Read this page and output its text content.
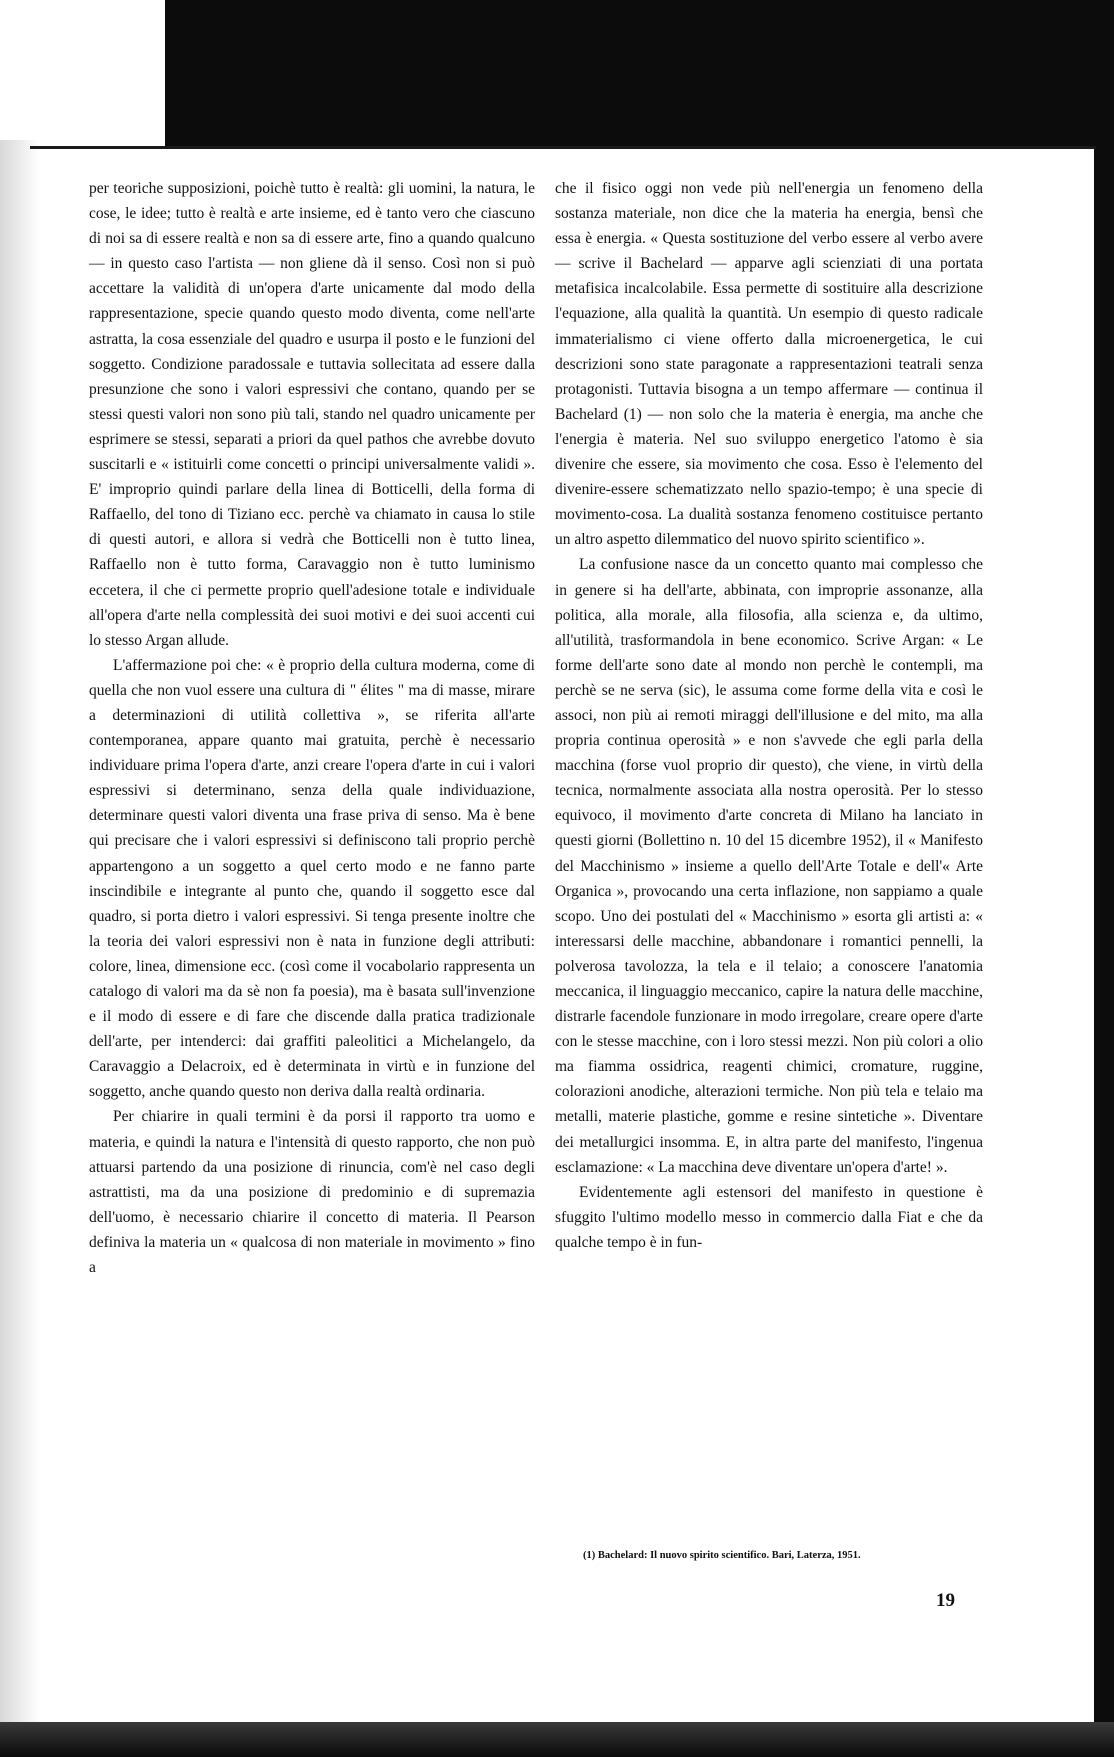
per teoriche supposizioni, poichè tutto è realtà: gli uomini, la natura, le cose, le idee; tutto è realtà e arte insieme, ed è tanto vero che ciascuno di noi sa di essere realtà e non sa di essere arte, fino a quando qualcuno — in questo caso l'artista — non gliene dà il senso. Così non si può accettare la validità di un'opera d'arte unicamente dal modo della rappresentazione, specie quando questo modo diventa, come nell'arte astratta, la cosa essenziale del quadro e usurpa il posto e le funzioni del soggetto. Condizione paradossale e tuttavia sollecitata ad essere dalla presunzione che sono i valori espressivi che contano, quando per se stessi questi valori non sono più tali, stando nel quadro unicamente per esprimere se stessi, separati a priori da quel pathos che avrebbe dovuto suscitarli e « istituirli come concetti o principi universalmente validi ». E' improprio quindi parlare della linea di Botticelli, della forma di Raffaello, del tono di Tiziano ecc. perchè va chiamato in causa lo stile di questi autori, e allora si vedrà che Botticelli non è tutto linea, Raffaello non è tutto forma, Caravaggio non è tutto luminismo eccetera, il che ci permette proprio quell'adesione totale e individuale all'opera d'arte nella complessità dei suoi motivi e dei suoi accenti cui lo stesso Argan allude.

L'affermazione poi che: « è proprio della cultura moderna, come di quella che non vuol essere una cultura di " élites " ma di masse, mirare a determinazioni di utilità collettiva », se riferita all'arte contemporanea, appare quanto mai gratuita, perchè è necessario individuare prima l'opera d'arte, anzi creare l'opera d'arte in cui i valori espressivi si determinano, senza della quale individuazione, determinare questi valori diventa una frase priva di senso. Ma è bene qui precisare che i valori espressivi si definiscono tali proprio perchè appartengono a un soggetto a quel certo modo e ne fanno parte inscindibile e integrante al punto che, quando il soggetto esce dal quadro, si porta dietro i valori espressivi. Si tenga presente inoltre che la teoria dei valori espressivi non è nata in funzione degli attributi: colore, linea, dimensione ecc. (così come il vocabolario rappresenta un catalogo di valori ma da sè non fa poesia), ma è basata sull'invenzione e il modo di essere e di fare che discende dalla pratica tradizionale dell'arte, per intenderci: dai graffiti paleolitici a Michelangelo, da Caravaggio a Delacroix, ed è determinata in virtù e in funzione del soggetto, anche quando questo non deriva dalla realtà ordinaria.

Per chiarire in quali termini è da porsi il rapporto tra uomo e materia, e quindi la natura e l'intensità di questo rapporto, che non può attuarsi partendo da una posizione di rinuncia, com'è nel caso degli astrattisti, ma da una posizione di predominio e di supremazia dell'uomo, è necessario chiarire il concetto di materia. Il Pearson definiva la materia un « qualcosa di non materiale in movimento » fino a

che il fisico oggi non vede più nell'energia un fenomeno della sostanza materiale, non dice che la materia ha energia, bensì che essa è energia. « Questa sostituzione del verbo essere al verbo avere — scrive il Bachelard — apparve agli scienziati di una portata metafisica incalcolabile. Essa permette di sostituire alla descrizione l'equazione, alla qualità la quantità. Un esempio di questo radicale immaterialismo ci viene offerto dalla microenergetica, le cui descrizioni sono state paragonate a rappresentazioni teatrali senza protagonisti. Tuttavia bisogna a un tempo affermare — continua il Bachelard (1) — non solo che la materia è energia, ma anche che l'energia è materia. Nel suo sviluppo energetico l'atomo è sia divenire che essere, sia movimento che cosa. Esso è l'elemento del divenire-essere schematizzato nello spazio-tempo; è una specie di movimento-cosa. La dualità sostanza fenomeno costituisce pertanto un altro aspetto dilemmatico del nuovo spirito scientifico ».

La confusione nasce da un concetto quanto mai complesso che in genere si ha dell'arte, abbinata, con improprie assonanze, alla politica, alla morale, alla filosofia, alla scienza e, da ultimo, all'utilità, trasformandola in bene economico. Scrive Argan: « Le forme dell'arte sono date al mondo non perchè le contempli, ma perchè se ne serva (sic), le assuma come forme della vita e così le associ, non più ai remoti miraggi dell'illusione e del mito, ma alla propria continua operosità » e non s'avvede che egli parla della macchina (forse vuol proprio dir questo), che viene, in virtù della tecnica, normalmente associata alla nostra operosità. Per lo stesso equivoco, il movimento d'arte concreta di Milano ha lanciato in questi giorni (Bollettino n. 10 del 15 dicembre 1952), il « Manifesto del Macchinismo » insieme a quello dell'Arte Totale e dell'« Arte Organica », provocando una certa inflazione, non sappiamo a quale scopo. Uno dei postulati del « Macchinismo » esorta gli artisti a: « interessarsi delle macchine, abbandonare i romantici pennelli, la polverosa tavolozza, la tela e il telaio; a conoscere l'anatomia meccanica, il linguaggio meccanico, capire la natura delle macchine, distrarle facendole funzionare in modo irregolare, creare opere d'arte con le stesse macchine, con i loro stessi mezzi. Non più colori a olio ma fiamma ossidrica, reagenti chimici, cromature, ruggine, colorazioni anodiche, alterazioni termiche. Non più tela e telaio ma metalli, materie plastiche, gomme e resine sintetiche ». Diventare dei metallurgici insomma. E, in altra parte del manifesto, l'ingenua esclamazione: « La macchina deve diventare un'opera d'arte! ».

Evidentemente agli estensori del manifesto in questione è sfuggito l'ultimo modello messo in commercio dalla Fiat e che da qualche tempo è in fun-

(1) Bachelard: Il nuovo spirito scientifico. Bari, Laterza, 1951.
19
